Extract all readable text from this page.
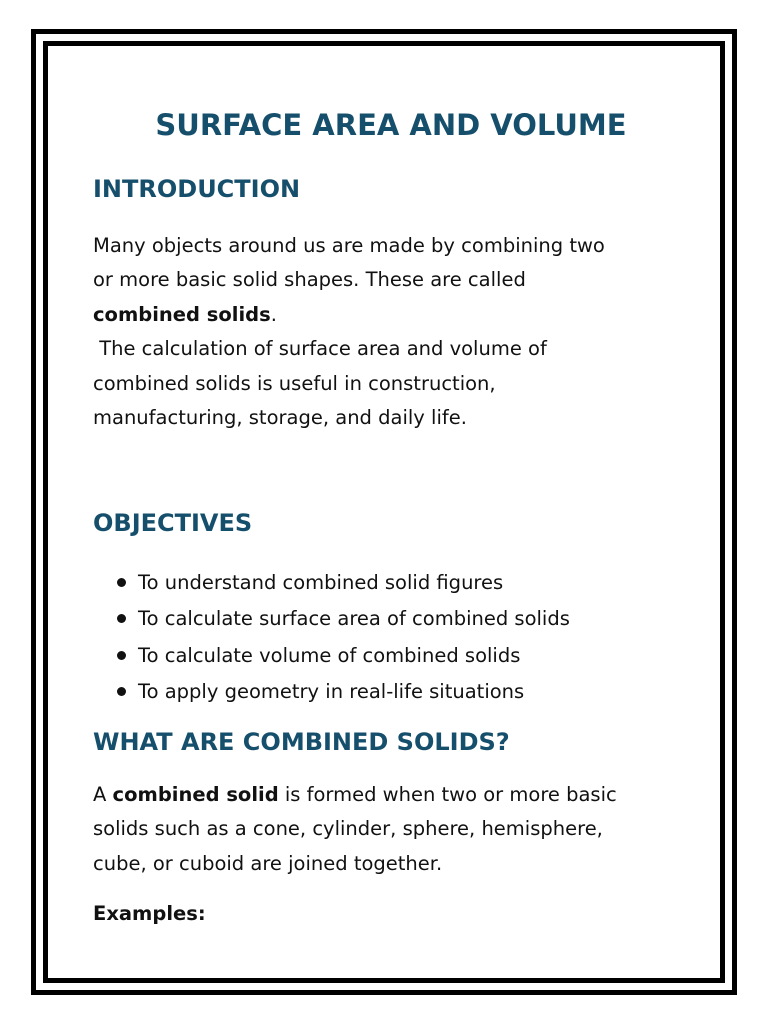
SURFACE AREA AND VOLUME
INTRODUCTION

Many objects around us are made by combining two
or more basic solid shapes. These are called
combined solids.
The calculation of surface area and volume of
combined solids is useful in construction,
manufacturing, storage, and daily life.

OBJECTIVES
To understand combined solid figures
To calculate surface area of combined solids
To calculate volume of combined solids
To apply geometry in real-life situations
WHAT ARE COMBINED SOLIDS?

A combined solid is formed when two or more basic
solids such as a cone, cylinder, sphere, hemisphere,
cube, or cuboid are joined together.

Examples:
